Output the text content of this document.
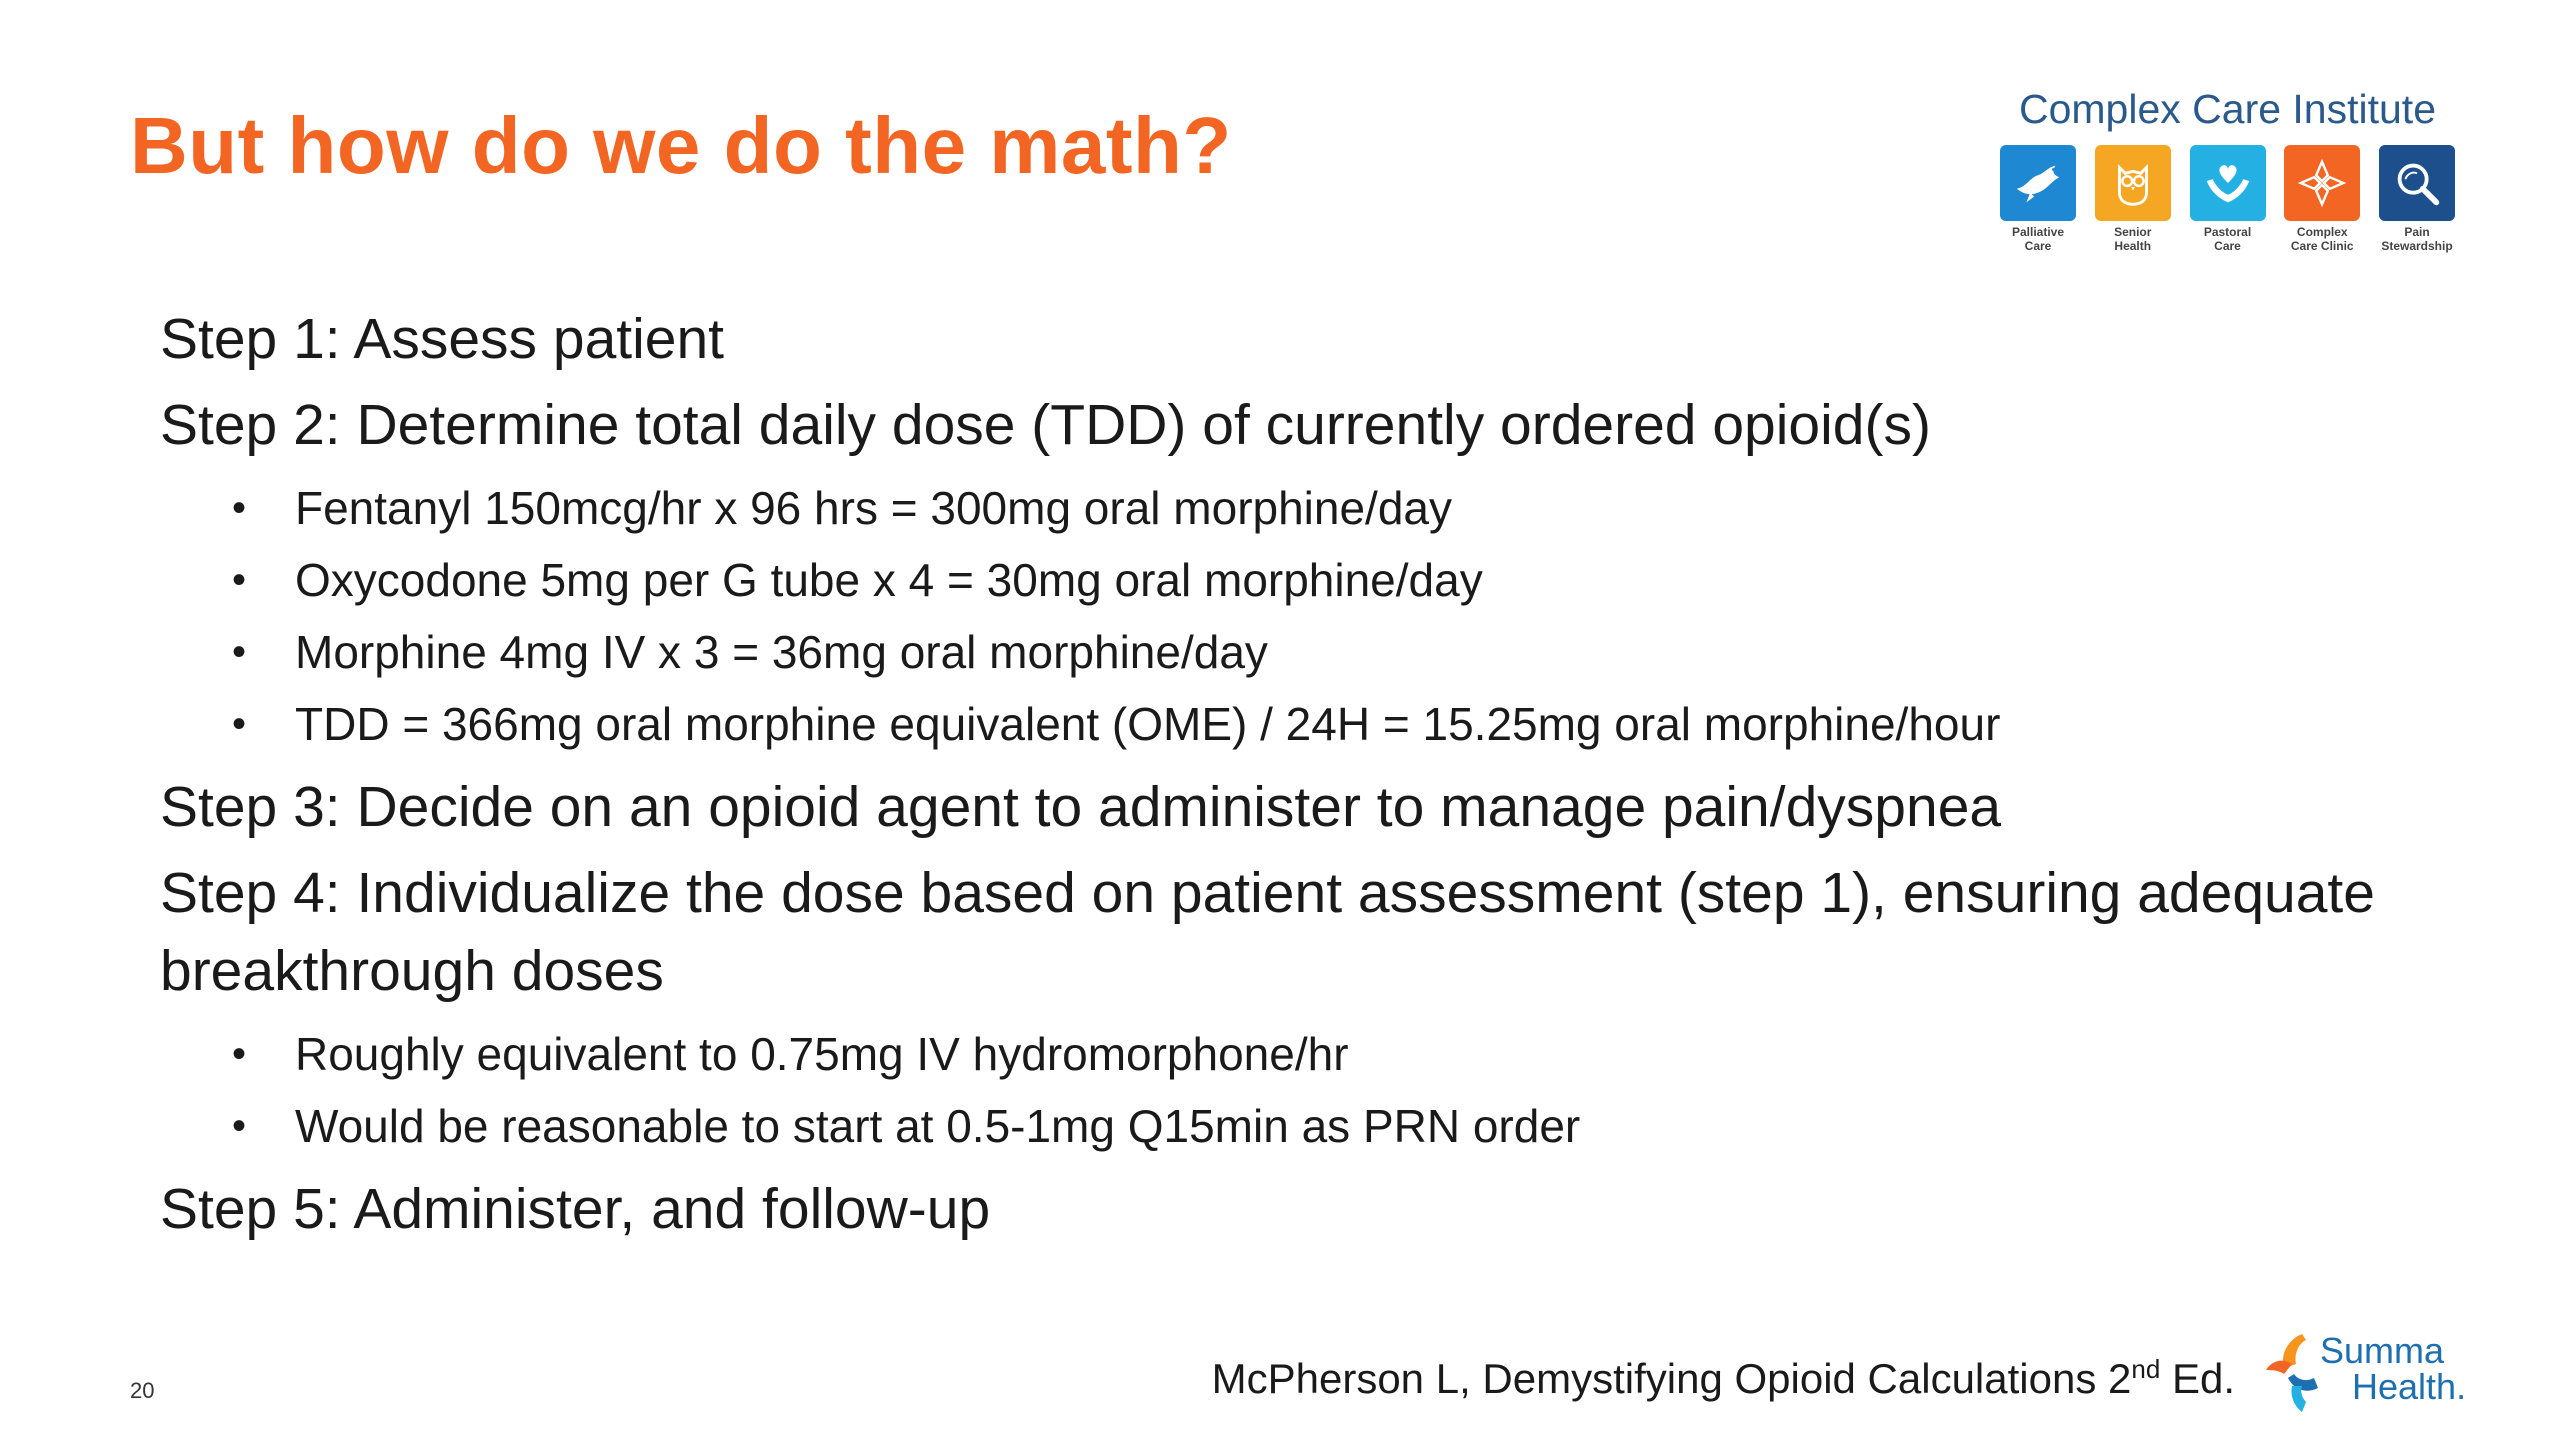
But how do we do the math?	Complex Care Institute
Palliative
Care
Senior
Health
Pastoral
Care
Complex
Care Clinic
Pain
Stewardship
Step 1: Assess patient
Step 2: Determine total daily dose (TDD) of currently ordered opioid(s)
• Fentanyl 150mcg/hr x 96 hrs = 300mg oral morphine/day
• Oxycodone 5mg per G tube x 4 = 30mg oral morphine/day
• Morphine 4mg IV x 3 = 36mg oral morphine/day
• TDD = 366mg oral morphine equivalent (OME) / 24H = 15.25mg oral morphine/hour
Step 3: Decide on an opioid agent to administer to manage pain/dyspnea
Step 4: Individualize the dose based on patient assessment (step 1), ensuring adequate breakthrough doses
• Roughly equivalent to 0.75mg IV hydromorphone/hr
• Would be reasonable to start at 0.5-1mg Q15min as PRN order
Step 5: Administer, and follow-up
20	McPherson L, Demystifying Opioid Calculations 2nd Ed.
Summa
Health.
